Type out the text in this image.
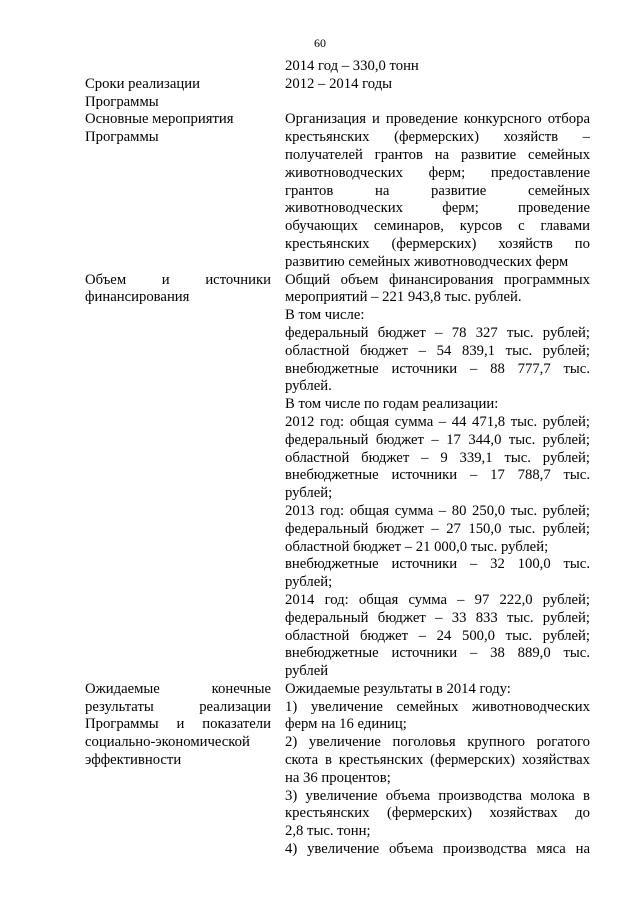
60
2014 год – 330,0 тонн
Сроки реализации
Программы
2012 – 2014 годы
Основные мероприятия
Программы
Организация и проведение конкурсного отбора
крестьянских (фермерских) хозяйств –
получателей грантов на развитие семейных
животноводческих ферм; предоставление
грантов на развитие семейных
животноводческих ферм; проведение
обучающих семинаров, курсов с главами
крестьянских (фермерских) хозяйств по
развитию семейных животноводческих ферм
Объем и источники
финансирования
Общий объем финансирования программных
мероприятий – 221 943,8 тыс. рублей.
В том числе:
федеральный бюджет – 78 327 тыс. рублей;
областной бюджет – 54 839,1 тыс. рублей;
внебюджетные источники – 88 777,7 тыс.
рублей.
В том числе по годам реализации:
2012 год: общая сумма – 44 471,8 тыс. рублей;
федеральный бюджет – 17 344,0 тыс. рублей;
областной бюджет – 9 339,1 тыс. рублей;
внебюджетные источники – 17 788,7 тыс.
рублей;
2013 год: общая сумма – 80 250,0 тыс. рублей;
федеральный бюджет – 27 150,0 тыс. рублей;
областной бюджет – 21 000,0 тыс. рублей;
внебюджетные источники – 32 100,0 тыс.
рублей;
2014 год: общая сумма – 97 222,0 рублей;
федеральный бюджет – 33 833 тыс. рублей;
областной бюджет – 24 500,0 тыс. рублей;
внебюджетные источники – 38 889,0 тыс.
рублей
Ожидаемые конечные
результаты реализации
Программы и показатели
социально-экономической
эффективности
Ожидаемые результаты в 2014 году:
1) увеличение семейных животноводческих
ферм на 16 единиц;
2) увеличение поголовья крупного рогатого
скота в крестьянских (фермерских) хозяйствах
на 36 процентов;
3) увеличение объема производства молока в
крестьянских (фермерских) хозяйствах до
2,8 тыс. тонн;
4) увеличение объема производства мяса на
